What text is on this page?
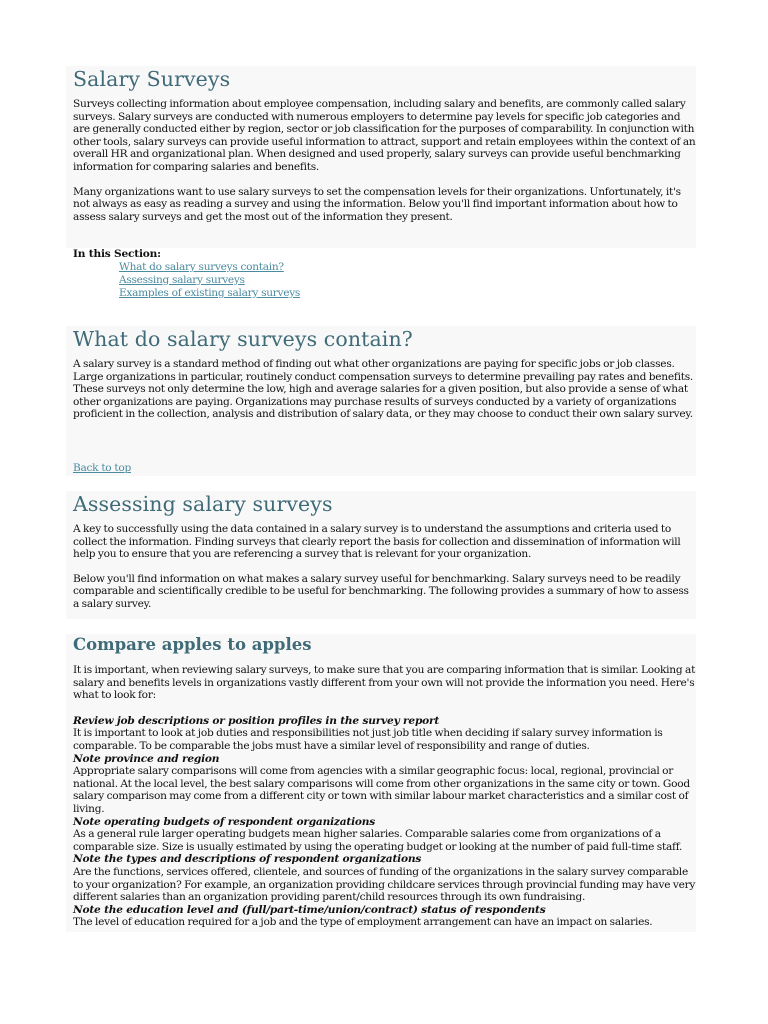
Salary Surveys

Surveys collecting information about employee compensation, including salary and benefits, are commonly called salary surveys. Salary surveys are conducted with numerous employers to determine pay levels for specific job categories and are generally conducted either by region, sector or job classification for the purposes of comparability. In conjunction with other tools, salary surveys can provide useful information to attract, support and retain employees within the context of an overall HR and organizational plan. When designed and used properly, salary surveys can provide useful benchmarking information for comparing salaries and benefits.

Many organizations want to use salary surveys to set the compensation levels for their organizations. Unfortunately, it's not always as easy as reading a survey and using the information. Below you'll find important information about how to assess salary surveys and get the most out of the information they present.

In this Section:
What do salary surveys contain?
Assessing salary surveys
Examples of existing salary surveys
What do salary surveys contain?

A salary survey is a standard method of finding out what other organizations are paying for specific jobs or job classes. Large organizations in particular, routinely conduct compensation surveys to determine prevailing pay rates and benefits. These surveys not only determine the low, high and average salaries for a given position, but also provide a sense of what other organizations are paying. Organizations may purchase results of surveys conducted by a variety of organizations proficient in the collection, analysis and distribution of salary data, or they may choose to conduct their own salary survey.

Back to top
Assessing salary surveys

A key to successfully using the data contained in a salary survey is to understand the assumptions and criteria used to collect the information. Finding surveys that clearly report the basis for collection and dissemination of information will help you to ensure that you are referencing a survey that is relevant for your organization.

Below you'll find information on what makes a salary survey useful for benchmarking. Salary surveys need to be readily comparable and scientifically credible to be useful for benchmarking. The following provides a summary of how to assess a salary survey.

Compare apples to apples

It is important, when reviewing salary surveys, to make sure that you are comparing information that is similar. Looking at salary and benefits levels in organizations vastly different from your own will not provide the information you need. Here's what to look for:

Review job descriptions or position profiles in the survey report

It is important to look at job duties and responsibilities not just job title when deciding if salary survey information is comparable. To be comparable the jobs must have a similar level of responsibility and range of duties.

Note province and region

Appropriate salary comparisons will come from agencies with a similar geographic focus: local, regional, provincial or national. At the local level, the best salary comparisons will come from other organizations in the same city or town. Good salary comparison may come from a different city or town with similar labour market characteristics and a similar cost of living.

Note operating budgets of respondent organizations

As a general rule larger operating budgets mean higher salaries. Comparable salaries come from organizations of a comparable size. Size is usually estimated by using the operating budget or looking at the number of paid full-time staff.

Note the types and descriptions of respondent organizations

Are the functions, services offered, clientele, and sources of funding of the organizations in the salary survey comparable to your organization? For example, an organization providing childcare services through provincial funding may have very different salaries than an organization providing parent/child resources through its own fundraising.

Note the education level and (full/part-time/union/contract) status of respondents

The level of education required for a job and the type of employment arrangement can have an impact on salaries.
